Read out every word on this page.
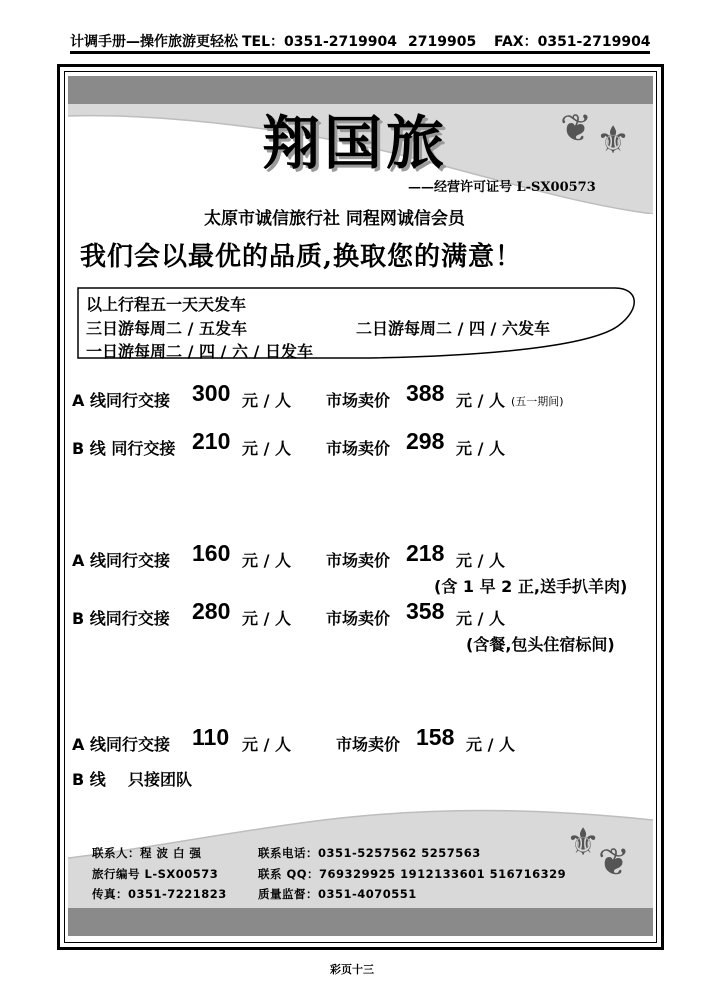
计调手册—操作旅游更轻松 TEL：0351-2719904 2719905 FAX：0351-2719904
❦ ⚜
⚜
❦
翔国旅
——经营许可证号 L-SX00573
太原市诚信旅行社 同程网诚信会员
我们会以最优的品质,换取您的满意！
以上行程五一天天发车
三日游每周二 / 五发车	二日游每周二 / 四 / 六发车
一日游每周二 / 四 / 六 / 日发车
A 线同行交接 300 元 / 人 市场卖价 388 元 / 人 (五一期间)
B 线 同行交接 210 元 / 人 市场卖价 298 元 / 人
A 线同行交接 160 元 / 人 市场卖价 218 元 / 人
(含 1 早 2 正,送手扒羊肉)
B 线同行交接 280 元 / 人 市场卖价 358 元 / 人
(含餐,包头住宿标间)
A 线同行交接 110 元 / 人	市场卖价 158 元 / 人
B 线 只接团队
联系人：程 波 白 强	联系电话：0351-5257562 5257563
旅行编号 L-SX00573	联系 QQ：769329925 1912133601 516716329
传真：0351-7221823	质量监督：0351-4070551
彩页十三
